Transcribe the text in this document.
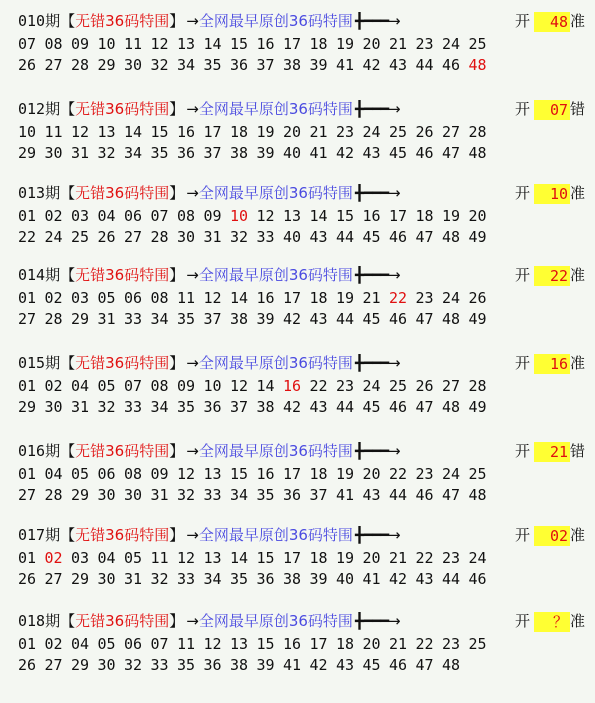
010期【无错36码特围】 →全网最早原创36码特围 ╋━━━→	开	48 准
07 08 09 10 11 12 13 14 15 16 17 18 19 20 21 23 24 25
26 27 28 29 30 32 34 35 36 37 38 39 41 42 43 44 46 48
012期【无错36码特围】 →全网最早原创36码特围 ╋━━━→	开	07 错
10 11 12 13 14 15 16 17 18 19 20 21 23 24 25 26 27 28
29 30 31 32 34 35 36 37 38 39 40 41 42 43 45 46 47 48
013期【无错36码特围】 →全网最早原创36码特围 ╋━━━→	开	10 准
01 02 03 04 06 07 08 09 10 12 13 14 15 16 17 18 19 20
22 24 25 26 27 28 30 31 32 33 40 43 44 45 46 47 48 49
014期【无错36码特围】 →全网最早原创36码特围 ╋━━━→	开	22 准
01 02 03 05 06 08 11 12 14 16 17 18 19 21 22 23 24 26
27 28 29 31 33 34 35 37 38 39 42 43 44 45 46 47 48 49
015期【无错36码特围】 →全网最早原创36码特围 ╋━━━→	开	16 准
01 02 04 05 07 08 09 10 12 14 16 22 23 24 25 26 27 28
29 30 31 32 33 34 35 36 37 38 42 43 44 45 46 47 48 49
016期【无错36码特围】 →全网最早原创36码特围 ╋━━━→	开	21 错
01 04 05 06 08 09 12 13 15 16 17 18 19 20 22 23 24 25
27 28 29 30 30 31 32 33 34 35 36 37 41 43 44 46 47 48
017期【无错36码特围】 →全网最早原创36码特围 ╋━━━→	开	02 准
01 02 03 04 05 11 12 13 14 15 17 18 19 20 21 22 23 24
26 27 29 30 31 32 33 34 35 36 38 39 40 41 42 43 44 46
018期【无错36码特围】 →全网最早原创36码特围 ╋━━━→	开	？ 准
01 02 04 05 06 07 11 12 13 15 16 17 18 20 21 22 23 25
26 27 29 30 32 33 35 36 38 39 41 42 43 45 46 47 48
